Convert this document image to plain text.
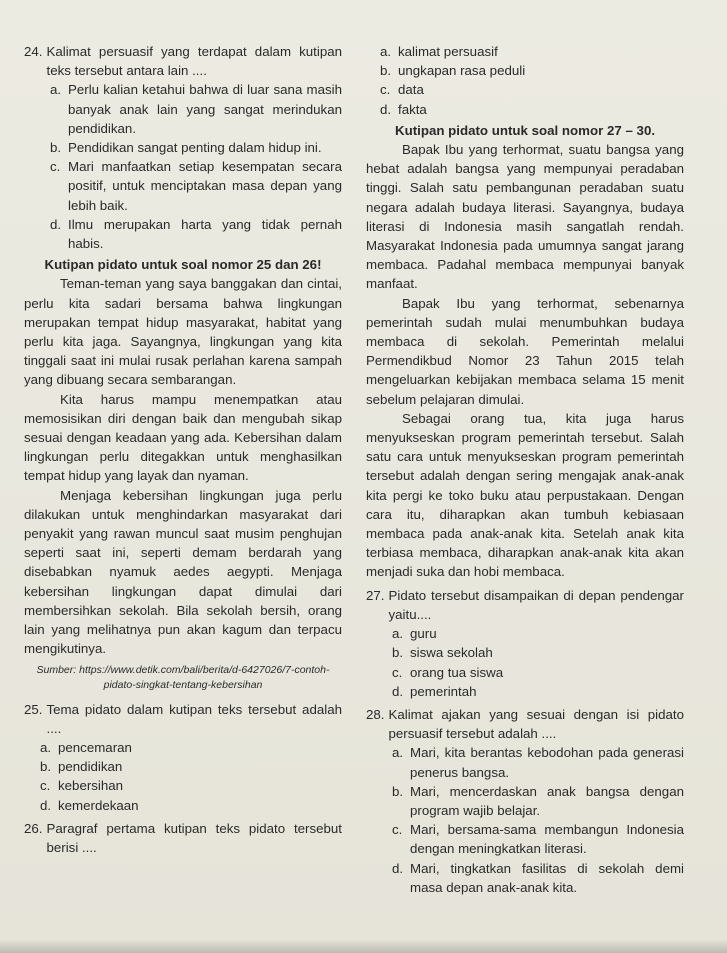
24. Kalimat persuasif yang terdapat dalam kutipan teks tersebut antara lain ....
a. Perlu kalian ketahui bahwa di luar sana masih banyak anak lain yang sangat merindukan pendidikan.
b. Pendidikan sangat penting dalam hidup ini.
c. Mari manfaatkan setiap kesempatan secara positif, untuk menciptakan masa depan yang lebih baik.
d. Ilmu merupakan harta yang tidak pernah habis.
Kutipan pidato untuk soal nomor 25 dan 26!
Teman-teman yang saya banggakan dan cintai, perlu kita sadari bersama bahwa lingkungan merupakan tempat hidup masyarakat, habitat yang perlu kita jaga. Sayangnya, lingkungan yang kita tinggali saat ini mulai rusak perlahan karena sampah yang dibuang secara sembarangan.
Kita harus mampu menempatkan atau memosisikan diri dengan baik dan mengubah sikap sesuai dengan keadaan yang ada. Kebersihan dalam lingkungan perlu ditegakkan untuk menghasilkan tempat hidup yang layak dan nyaman.
Menjaga kebersihan lingkungan juga perlu dilakukan untuk menghindarkan masyarakat dari penyakit yang rawan muncul saat musim penghujan seperti saat ini, seperti demam berdarah yang disebabkan nyamuk aedes aegypti. Menjaga kebersihan lingkungan dapat dimulai dari membersihkan sekolah. Bila sekolah bersih, orang lain yang melihatnya pun akan kagum dan terpacu mengikutinya.
Sumber: https://www.detik.com/bali/berita/d-6427026/7-contoh-pidato-singkat-tentang-kebersihan
25. Tema pidato dalam kutipan teks tersebut adalah ....
a. pencemaran
b. pendidikan
c. kebersihan
d. kemerdekaan
26. Paragraf pertama kutipan teks pidato tersebut berisi ....
a. kalimat persuasif
b. ungkapan rasa peduli
c. data
d. fakta
Kutipan pidato untuk soal nomor 27 – 30.
Bapak Ibu yang terhormat, suatu bangsa yang hebat adalah bangsa yang mempunyai peradaban tinggi. Salah satu pembangunan peradaban suatu negara adalah budaya literasi. Sayangnya, budaya literasi di Indonesia masih sangatlah rendah. Masyarakat Indonesia pada umumnya sangat jarang membaca. Padahal membaca mempunyai banyak manfaat.
Bapak Ibu yang terhormat, sebenarnya pemerintah sudah mulai menumbuhkan budaya membaca di sekolah. Pemerintah melalui Permendikbud Nomor 23 Tahun 2015 telah mengeluarkan kebijakan membaca selama 15 menit sebelum pelajaran dimulai.
Sebagai orang tua, kita juga harus menyukseskan program pemerintah tersebut. Salah satu cara untuk menyukseskan program pemerintah tersebut adalah dengan sering mengajak anak-anak kita pergi ke toko buku atau perpustakaan. Dengan cara itu, diharapkan akan tumbuh kebiasaan membaca pada anak-anak kita. Setelah anak kita terbiasa membaca, diharapkan anak-anak kita akan menjadi suka dan hobi membaca.
27. Pidato tersebut disampaikan di depan pendengar yaitu....
a. guru
b. siswa sekolah
c. orang tua siswa
d. pemerintah
28. Kalimat ajakan yang sesuai dengan isi pidato persuasif tersebut adalah ....
a. Mari, kita berantas kebodohan pada generasi penerus bangsa.
b. Mari, mencerdaskan anak bangsa dengan program wajib belajar.
c. Mari, bersama-sama membangun Indonesia dengan meningkatkan literasi.
d. Mari, tingkatkan fasilitas di sekolah demi masa depan anak-anak kita.
